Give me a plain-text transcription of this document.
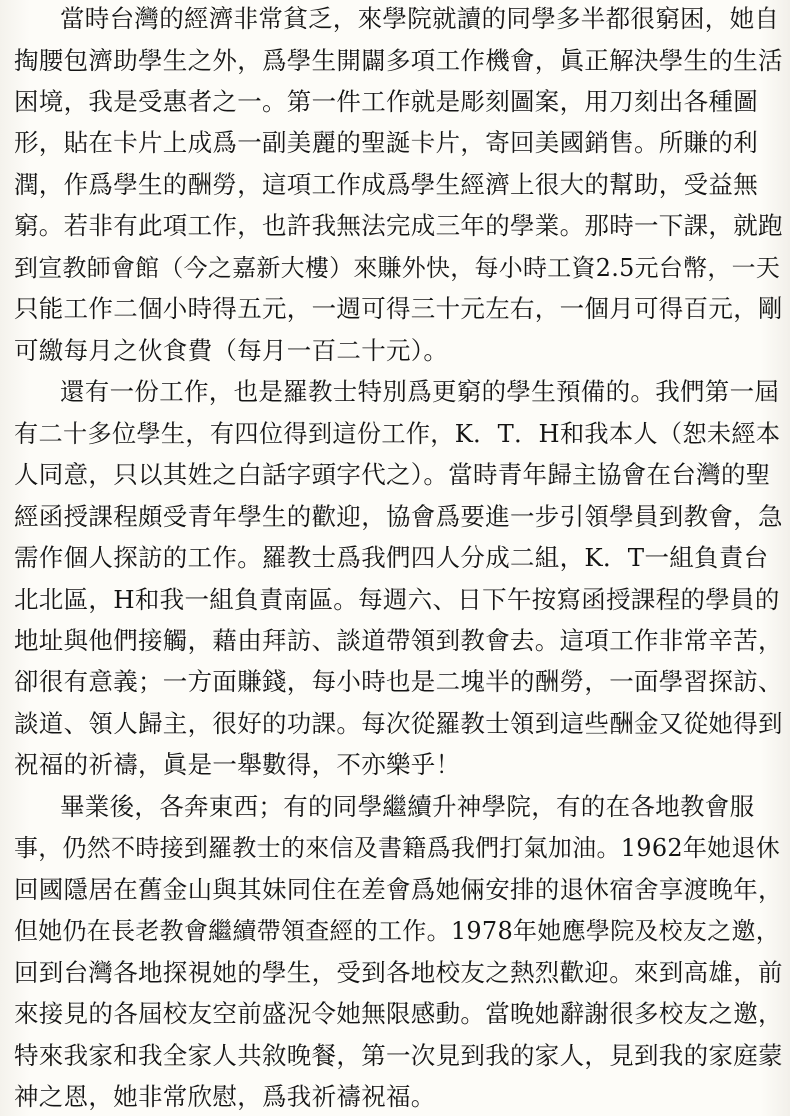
當時台灣的經濟非常貧乏，來學院就讀的同學多半都很窮困，她自
掏腰包濟助學生之外，爲學生開闢多項工作機會，眞正解決學生的生活
困境，我是受惠者之一。第一件工作就是彫刻圖案，用刀刻出各種圖
形，貼在卡片上成爲一副美麗的聖誕卡片，寄回美國銷售。所賺的利
潤，作爲學生的酬勞，這項工作成爲學生經濟上很大的幫助，受益無
窮。若非有此項工作，也許我無法完成三年的學業。那時一下課，就跑
到宣教師會館（今之嘉新大樓）來賺外快，每小時工資2.5元台幣，一天
只能工作二個小時得五元，一週可得三十元左右，一個月可得百元，剛
可繳每月之伙食費（每月一百二十元）。
還有一份工作，也是羅教士特別爲更窮的學生預備的。我們第一屆
有二十多位學生，有四位得到這份工作，K．T．H和我本人（恕未經本
人同意，只以其姓之白話字頭字代之）。當時青年歸主協會在台灣的聖
經函授課程頗受青年學生的歡迎，協會爲要進一步引領學員到教會，急
需作個人探訪的工作。羅教士爲我們四人分成二組，K．T一組負責台
北北區，H和我一組負責南區。每週六、日下午按寫函授課程的學員的
地址與他們接觸，藉由拜訪、談道帶領到教會去。這項工作非常辛苦，
卻很有意義；一方面賺錢，每小時也是二塊半的酬勞，一面學習探訪、
談道、領人歸主，很好的功課。每次從羅教士領到這些酬金又從她得到
祝福的祈禱，眞是一舉數得，不亦樂乎！
畢業後，各奔東西；有的同學繼續升神學院，有的在各地教會服
事，仍然不時接到羅教士的來信及書籍爲我們打氣加油。1962年她退休
回國隱居在舊金山與其妹同住在差會爲她倆安排的退休宿舍享渡晚年，
但她仍在長老教會繼續帶領查經的工作。1978年她應學院及校友之邀，
回到台灣各地探視她的學生，受到各地校友之熱烈歡迎。來到高雄，前
來接見的各屆校友空前盛況令她無限感動。當晚她辭謝很多校友之邀，
特來我家和我全家人共敘晚餐，第一次見到我的家人，見到我的家庭蒙
神之恩，她非常欣慰，爲我祈禱祝福。
